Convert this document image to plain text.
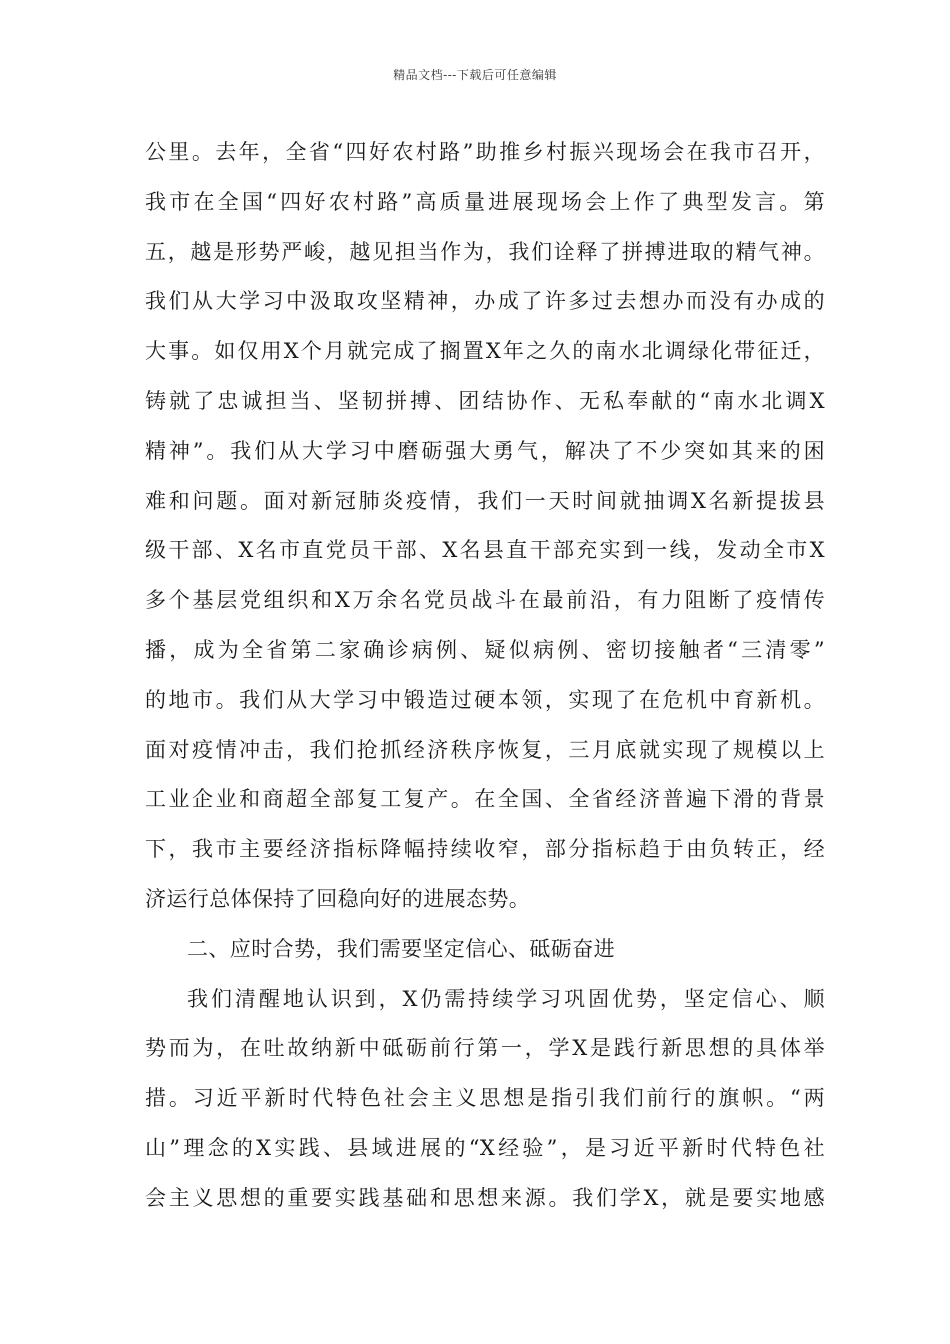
精品文档---下载后可任意编辑
公里。去年，全省“四好农村路”助推乡村振兴现场会在我市召开，
我市在全国“四好农村路”高质量进展现场会上作了典型发言。第
五，越是形势严峻，越见担当作为，我们诠释了拼搏进取的精气神。
我们从大学习中汲取攻坚精神，办成了许多过去想办而没有办成的
大事。如仅用X个月就完成了搁置X年之久的南水北调绿化带征迁，
铸就了忠诚担当、坚韧拼搏、团结协作、无私奉献的“南水北调X
精神”。我们从大学习中磨砺强大勇气，解决了不少突如其来的困
难和问题。面对新冠肺炎疫情，我们一天时间就抽调X名新提拔县
级干部、X名市直党员干部、X名县直干部充实到一线，发动全市X
多个基层党组织和X万余名党员战斗在最前沿，有力阻断了疫情传
播，成为全省第二家确诊病例、疑似病例、密切接触者“三清零”
的地市。我们从大学习中锻造过硬本领，实现了在危机中育新机。
面对疫情冲击，我们抢抓经济秩序恢复，三月底就实现了规模以上
工业企业和商超全部复工复产。在全国、全省经济普遍下滑的背景
下，我市主要经济指标降幅持续收窄，部分指标趋于由负转正，经
济运行总体保持了回稳向好的进展态势。
二、应时合势，我们需要坚定信心、砥砺奋进
我们清醒地认识到，X仍需持续学习巩固优势，坚定信心、顺
势而为，在吐故纳新中砥砺前行第一，学X是践行新思想的具体举
措。习近平新时代特色社会主义思想是指引我们前行的旗帜。“两
山”理念的X实践、县域进展的“X经验”，是习近平新时代特色社
会主义思想的重要实践基础和思想来源。我们学X，就是要实地感
